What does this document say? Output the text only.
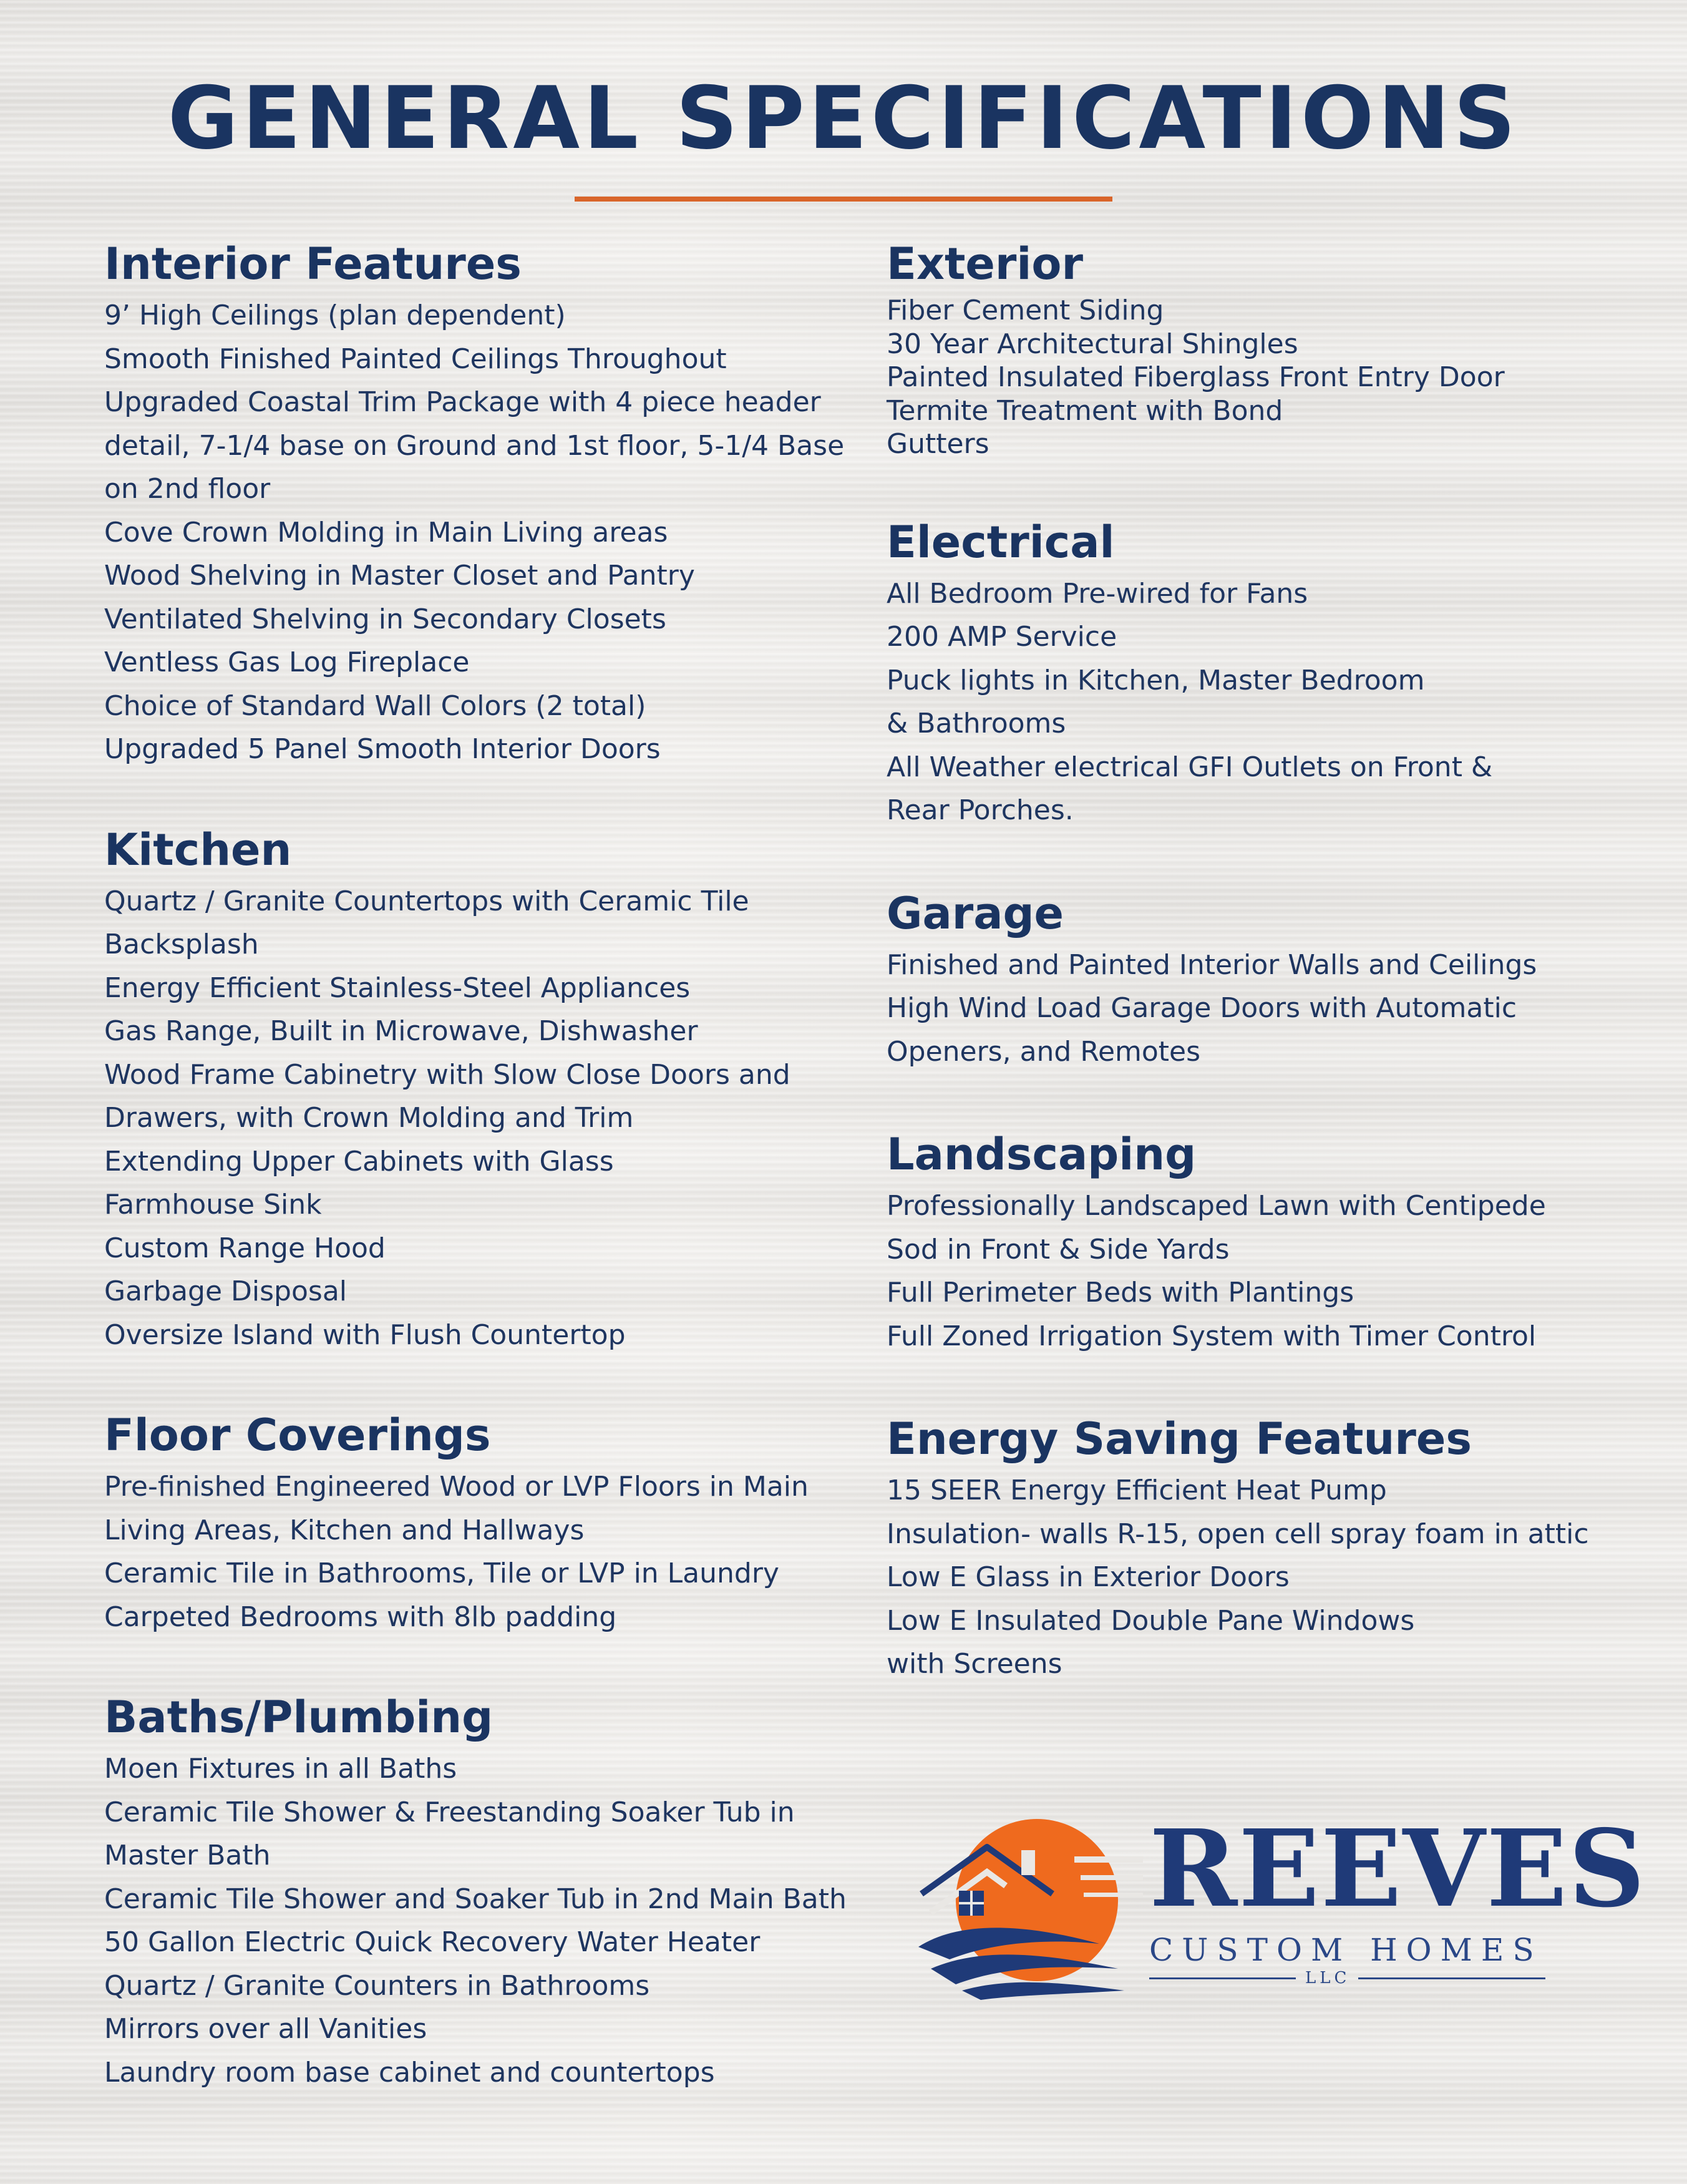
GENERAL SPECIFICATIONS
Interior Features
9’ High Ceilings (plan dependent)
Smooth Finished Painted Ceilings Throughout
Upgraded Coastal Trim Package with 4 piece header
detail, 7-1/4 base on Ground and 1st floor, 5-1/4 Base
on 2nd floor
Cove Crown Molding in Main Living areas
Wood Shelving in Master Closet and Pantry
Ventilated Shelving in Secondary Closets
Ventless Gas Log Fireplace
Choice of Standard Wall Colors (2 total)
Upgraded 5 Panel Smooth Interior Doors
Kitchen
Quartz / Granite Countertops with Ceramic Tile
Backsplash
Energy Efficient Stainless-Steel Appliances
Gas Range, Built in Microwave, Dishwasher
Wood Frame Cabinetry with Slow Close Doors and
Drawers, with Crown Molding and Trim
Extending Upper Cabinets with Glass
Farmhouse Sink
Custom Range Hood
Garbage Disposal
Oversize Island with Flush Countertop
Floor Coverings
Pre-finished Engineered Wood or LVP Floors in Main
Living Areas, Kitchen and Hallways
Ceramic Tile in Bathrooms, Tile or LVP in Laundry
Carpeted Bedrooms with 8lb padding
Baths/Plumbing
Moen Fixtures in all Baths
Ceramic Tile Shower & Freestanding Soaker Tub in
Master Bath
Ceramic Tile Shower and Soaker Tub in 2nd Main Bath
50 Gallon Electric Quick Recovery Water Heater
Quartz / Granite Counters in Bathrooms
Mirrors over all Vanities
Laundry room base cabinet and countertops
Exterior
Fiber Cement Siding
30 Year Architectural Shingles
Painted Insulated Fiberglass Front Entry Door
Termite Treatment with Bond
Gutters
Electrical
All Bedroom Pre-wired for Fans
200 AMP Service
Puck lights in Kitchen, Master Bedroom
& Bathrooms
All Weather electrical GFI Outlets on Front &
Rear Porches.
Garage
Finished and Painted Interior Walls and Ceilings
High Wind Load Garage Doors with Automatic
Openers, and Remotes
Landscaping
Professionally Landscaped Lawn with Centipede
Sod in Front & Side Yards
Full Perimeter Beds with Plantings
Full Zoned Irrigation System with Timer Control
Energy Saving Features
15 SEER Energy Efficient Heat Pump
Insulation- walls R-15, open cell spray foam in attic
Low E Glass in Exterior Doors
Low E Insulated Double Pane Windows
with Screens
REEVES
CUSTOM HOMES
LLC
